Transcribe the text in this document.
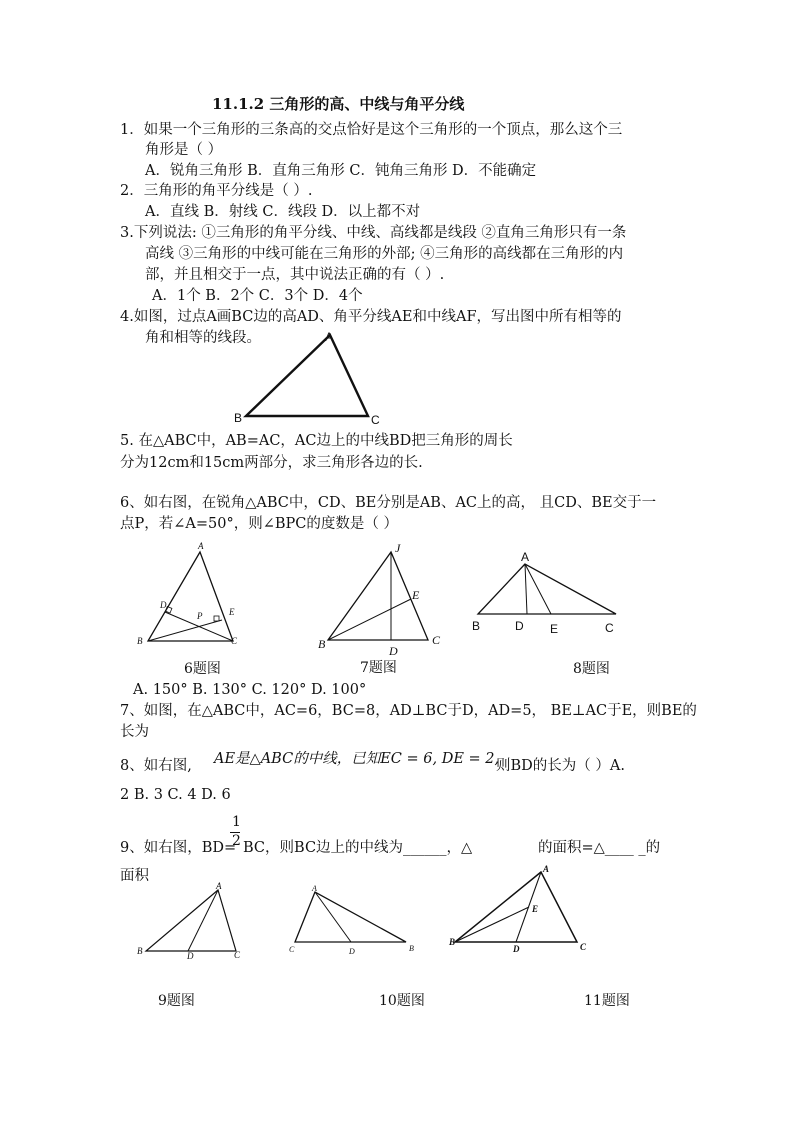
11.1.2 三角形的高、中线与角平分线
1．如果一个三角形的三条高的交点恰好是这个三角形的一个顶点，那么这个三
角形是（ ）
A．锐角三角形 B．直角三角形 C．钝角三角形 D．不能确定
2．三角形的角平分线是（ ）.
A．直线 B．射线 C．线段 D．以上都不对
3.下列说法: ①三角形的角平分线、中线、高线都是线段 ②直角三角形只有一条
高线 ③三角形的中线可能在三角形的外部; ④三角形的高线都在三角形的内
部，并且相交于一点，其中说法正确的有（ ）.
A．1个 B．2个 C．3个 D．4个
4.如图，过点A画BC边的高AD、角平分线AE和中线AF，写出图中所有相等的
角和相等的线段。	A
B	C
5. 在△ABC中，AB=AC，AC边上的中线BD把三角形的周长
分为12cm和15cm两部分，求三角形各边的长.
6、如右图，在锐角△ABC中，CD、BE分别是AB、AC上的高， 且CD、BE交于一
点P，若∠A=50°，则∠BPC的度数是（ ）
A
D
E
P
B	C
6题图
J
E
B	C
D
7题图
A
B	D E	C
8题图
A. 150° B. 130° C. 120° D. 100°
7、如图，在△ABC中，AC=6，BC=8，AD⊥BC于D，AD=5， BE⊥AC于E，则BE的
长为
8、如右图, AE是△ABC的中线，已知EC = 6, DE = 2,
则BD的长为（ ）A.
2 B. 3 C. 4 D. 6
9、如右图，BD=
1
2 BC，则BC边上的中线为______，△	的面积=△____ _的
面积
A
B	D	C
9题图
A
C	D	B
10题图
A
E
B
D	C
11题图
